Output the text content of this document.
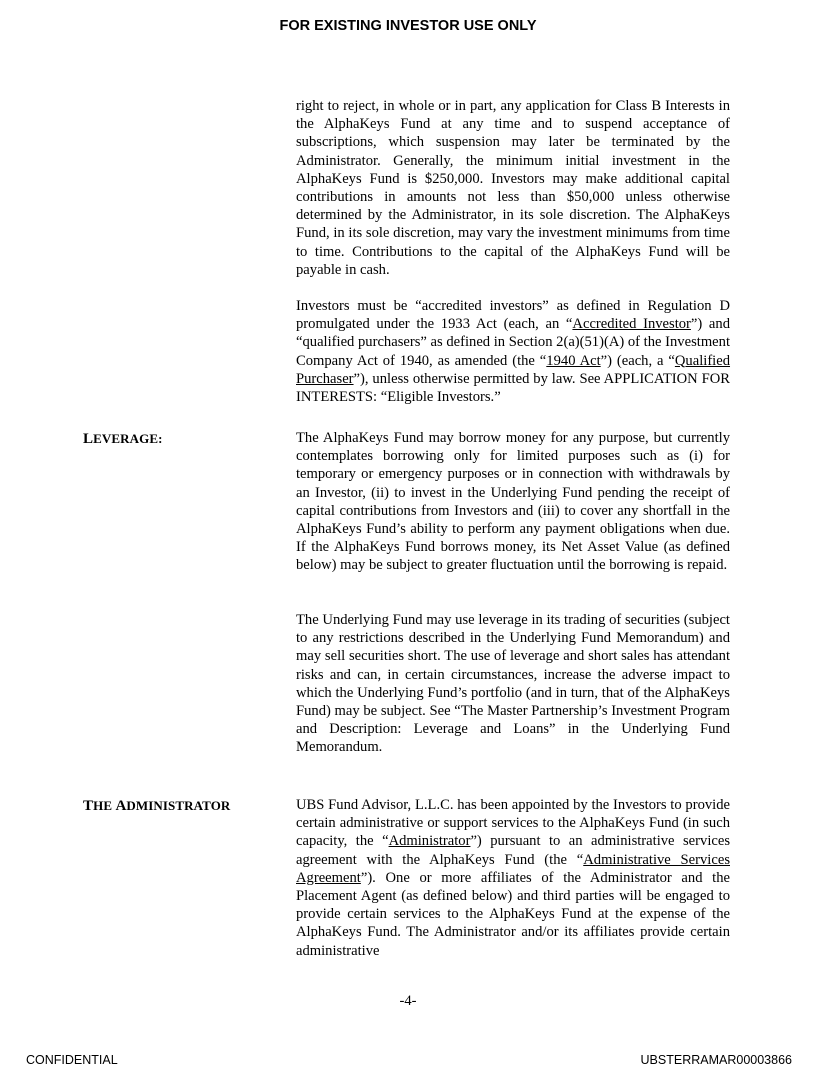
FOR EXISTING INVESTOR USE ONLY

right to reject, in whole or in part, any application for Class B Interests in the AlphaKeys Fund at any time and to suspend acceptance of subscriptions, which suspension may later be terminated by the Administrator. Generally, the minimum initial investment in the AlphaKeys Fund is $250,000. Investors may make additional capital contributions in amounts not less than $50,000 unless otherwise determined by the Administrator, in its sole discretion. The AlphaKeys Fund, in its sole discretion, may vary the investment minimums from time to time. Contributions to the capital of the AlphaKeys Fund will be payable in cash.

Investors must be “accredited investors” as defined in Regulation D promulgated under the 1933 Act (each, an “Accredited Investor”) and “qualified purchasers” as defined in Section 2(a)(51)(A) of the Investment Company Act of 1940, as amended (the “1940 Act”) (each, a “Qualified Purchaser”), unless otherwise permitted by law. See APPLICATION FOR INTERESTS: “Eligible Investors.”

LEVERAGE:	The AlphaKeys Fund may borrow money for any purpose, but currently contemplates borrowing only for limited purposes such as (i) for temporary or emergency purposes or in connection with withdrawals by an Investor, (ii) to invest in the Underlying Fund pending the receipt of capital contributions from Investors and (iii) to cover any shortfall in the AlphaKeys Fund’s ability to perform any payment obligations when due. If the AlphaKeys Fund borrows money, its Net Asset Value (as defined below) may be subject to greater fluctuation until the borrowing is repaid.

The Underlying Fund may use leverage in its trading of securities (subject to any restrictions described in the Underlying Fund Memorandum) and may sell securities short. The use of leverage and short sales has attendant risks and can, in certain circumstances, increase the adverse impact to which the Underlying Fund’s portfolio (and in turn, that of the AlphaKeys Fund) may be subject. See “The Master Partnership’s Investment Program and Description: Leverage and Loans” in the Underlying Fund Memorandum.

THE ADMINISTRATOR	UBS Fund Advisor, L.L.C. has been appointed by the Investors to provide certain administrative or support services to the AlphaKeys Fund (in such capacity, the “Administrator”) pursuant to an administrative services agreement with the AlphaKeys Fund (the “Administrative Services Agreement”). One or more affiliates of the Administrator and the Placement Agent (as defined below) and third parties will be engaged to provide certain services to the AlphaKeys Fund at the expense of the AlphaKeys Fund. The Administrator and/or its affiliates provide certain administrative

-4-
CONFIDENTIAL	UBSTERRAMAR00003866
